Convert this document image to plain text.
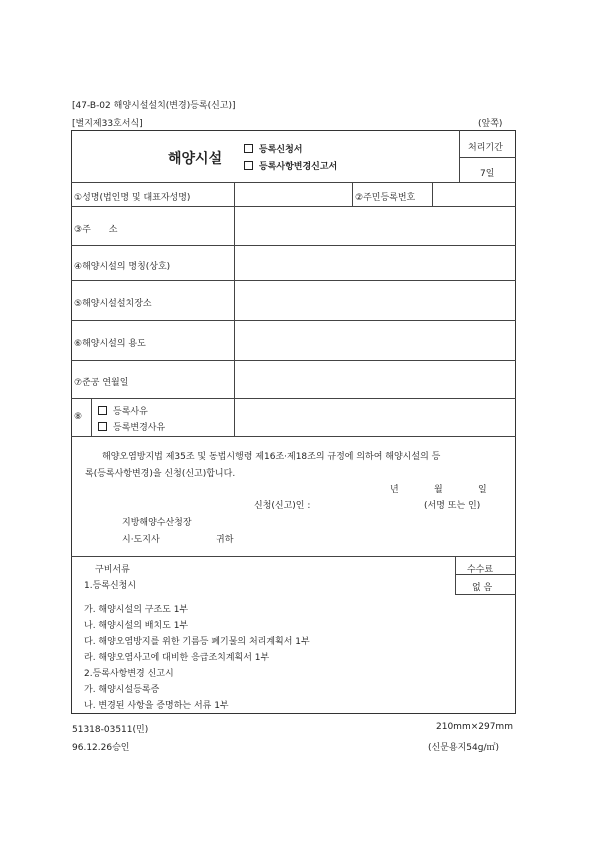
[47-B-02 해양시설설치(변경)등록(신고)]
[별지제33호서식]	(앞쪽)
해양시설
등록신청서
등록사항변경신고서
처리기간
7일
①성명(법인명 및 대표자성명)	②주민등록번호
③주　　소
④해양시설의 명칭(상호)
⑤해양시설설치장소
⑥해양시설의 용도
⑦준공 연월일
⑧	등록사유
등록변경사유
해양오염방지법 제35조 및 동법시행령 제16조·제18조의 규정에 의하여 해양시설의 등
록(등록사항변경)을 신청(신고)합니다.
년	월	일
신청(신고)인 :	(서명 또는 인)
지방해양수산청장
시·도지사	귀하
구비서류	수수료
없 음
1.등록신청시
가. 해양시설의 구조도 1부
나. 해양시설의 배치도 1부
다. 해양오염방지를 위한 기름등 폐기물의 처리계획서 1부
라. 해양오염사고에 대비한 응급조치계획서 1부
2.등록사항변경 신고시
가. 해양시설등록증
나. 변경된 사항을 증명하는 서류 1부
51318-03511(민)
96.12.26승인
210mm×297mm
(신문용지54g/㎡)
